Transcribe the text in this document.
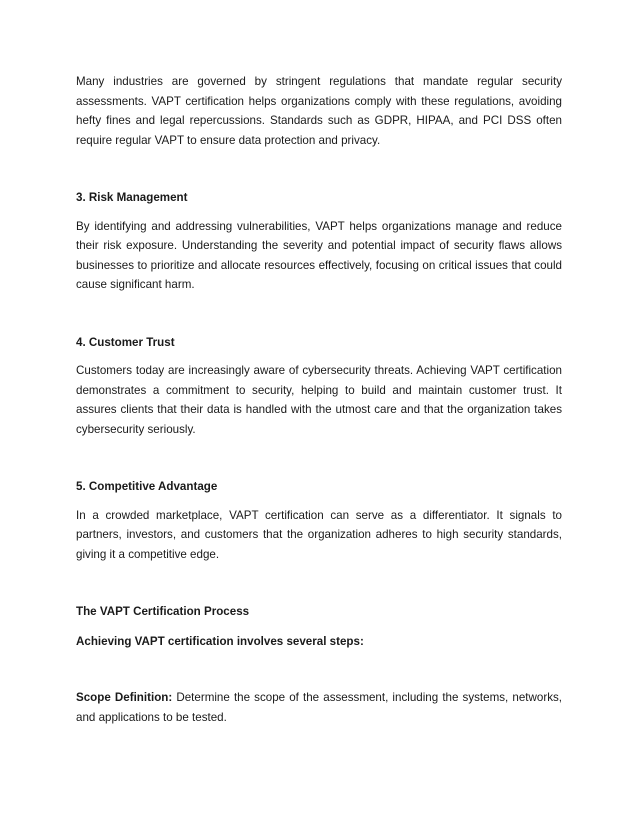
Many industries are governed by stringent regulations that mandate regular security assessments. VAPT certification helps organizations comply with these regulations, avoiding hefty fines and legal repercussions. Standards such as GDPR, HIPAA, and PCI DSS often require regular VAPT to ensure data protection and privacy.

3. Risk Management

By identifying and addressing vulnerabilities, VAPT helps organizations manage and reduce their risk exposure. Understanding the severity and potential impact of security flaws allows businesses to prioritize and allocate resources effectively, focusing on critical issues that could cause significant harm.

4. Customer Trust

Customers today are increasingly aware of cybersecurity threats. Achieving VAPT certification demonstrates a commitment to security, helping to build and maintain customer trust. It assures clients that their data is handled with the utmost care and that the organization takes cybersecurity seriously.

5. Competitive Advantage

In a crowded marketplace, VAPT certification can serve as a differentiator. It signals to partners, investors, and customers that the organization adheres to high security standards, giving it a competitive edge.

The VAPT Certification Process

Achieving VAPT certification involves several steps:

Scope Definition: Determine the scope of the assessment, including the systems, networks, and applications to be tested.
